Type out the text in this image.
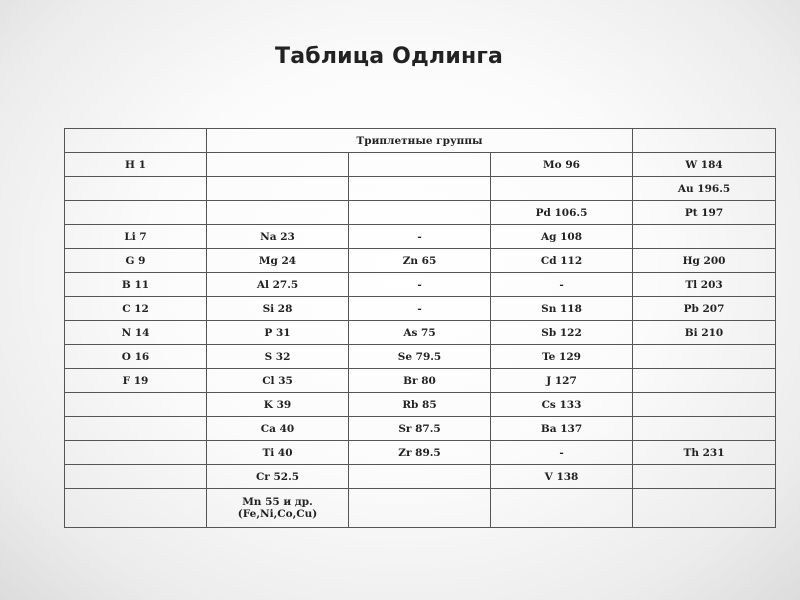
Таблица Одлинга
	Триплетные группы			
H 1			Mo 96	W 184
				Au 196.5
			Pd 106.5	Pt 197
Li 7	Na 23	-	Ag 108	
G 9	Mg 24	Zn 65	Cd 112	Hg 200
B 11	Al 27.5	-	-	Tl 203
C 12	Si 28	-	Sn 118	Pb 207
N 14	P 31	As 75	Sb 122	Bi 210
O 16	S 32	Se 79.5	Te 129	
F 19	Cl 35	Br 80	J 127	
	K 39	Rb 85	Cs 133	
	Ca 40	Sr 87.5	Ba 137	
	Ti 40	Zr 89.5	-	Th 231
	Cr 52.5		V 138	
	Mn 55 и др. (Fe,Ni,Co,Cu)			
